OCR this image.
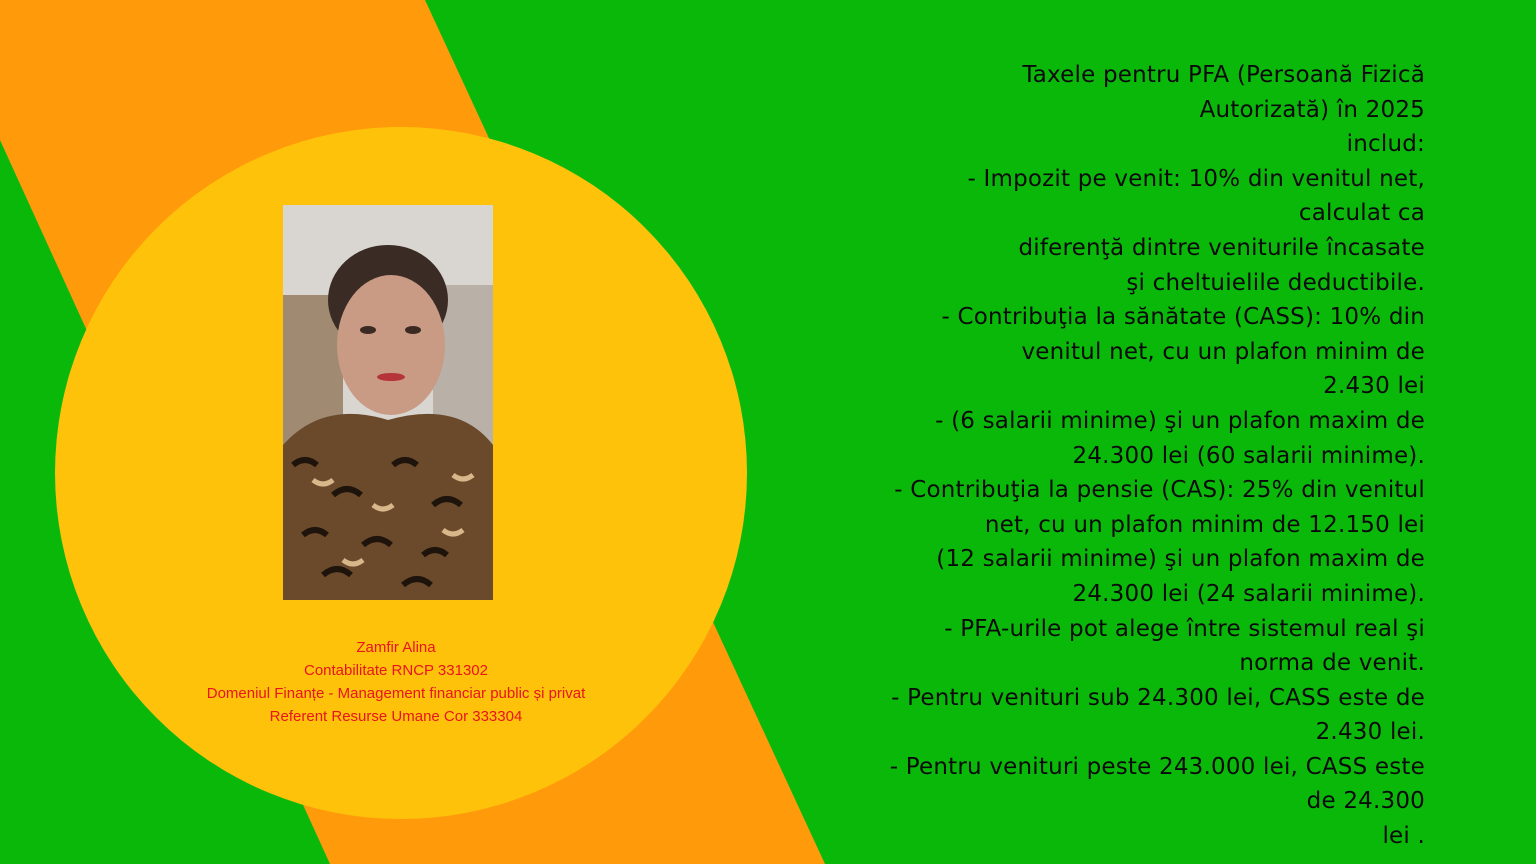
Zamfir Alina
Contabilitate RNCP 331302
Domeniul Finanțe - Management financiar public și privat
Referent Resurse Umane Cor 333304
Taxele pentru PFA (Persoană Fizică
Autorizată) în 2025
includ:
- Impozit pe venit: 10% din venitul net,
calculat ca
diferenţă dintre veniturile încasate
şi cheltuielile deductibile.
- Contribuţia la sănătate (CASS): 10% din
venitul net, cu un plafon minim de
2.430 lei
- (6 salarii minime) şi un plafon maxim de
24.300 lei (60 salarii minime).
- Contribuţia la pensie (CAS): 25% din venitul
net, cu un plafon minim de 12.150 lei
(12 salarii minime) şi un plafon maxim de
24.300 lei (24 salarii minime).
- PFA-urile pot alege între sistemul real şi
norma de venit.
- Pentru venituri sub 24.300 lei, CASS este de
2.430 lei.
- Pentru venituri peste 243.000 lei, CASS este
de 24.300
lei .
